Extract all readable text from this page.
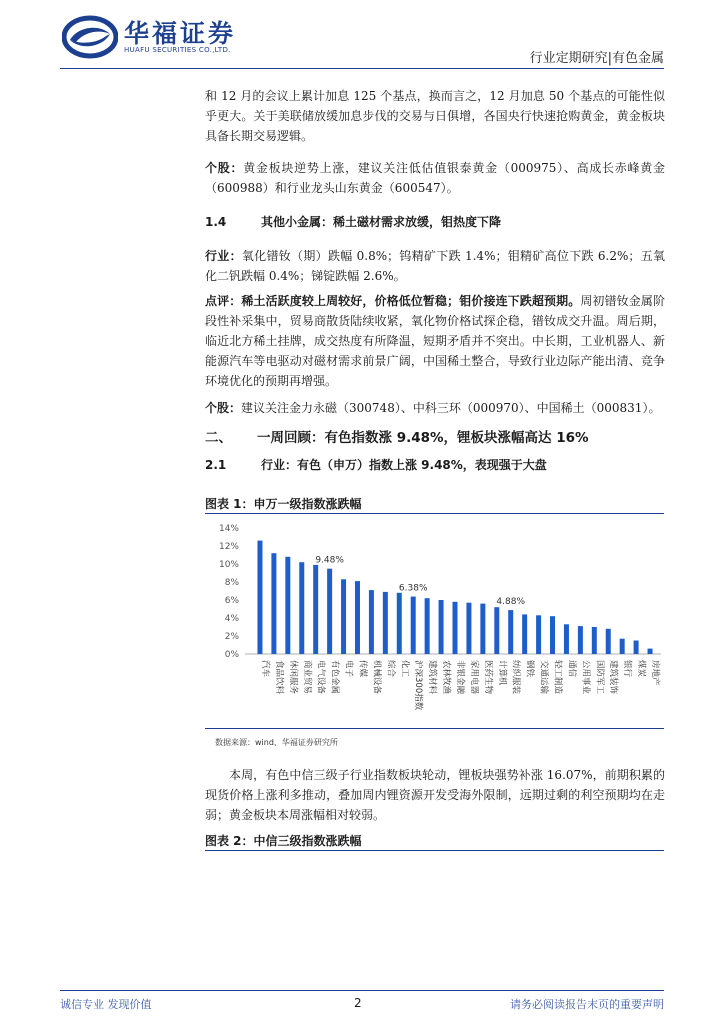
华福证券
HUAFU SECURITIES CO.,LTD.
行业定期研究|有色金属
和 12 月的会议上累计加息 125 个基点，换而言之，12 月加息 50 个基点的可能性似乎更大。关于美联储放缓加息步伐的交易与日俱增，各国央行快速抢购黄金，黄金板块具备长期交易逻辑。
个股：黄金板块逆势上涨，建议关注低估值银泰黄金（000975）、高成长赤峰黄金（600988）和行业龙头山东黄金（600547）。
1.4	其他小金属：稀土磁材需求放缓，钼热度下降
行业：氧化镨钕（期）跌幅 0.8%；钨精矿下跌 1.4%；钼精矿高位下跌 6.2%；五氧化二钒跌幅 0.4%；锑锭跌幅 2.6%。
点评：稀土活跃度较上周较好，价格低位暂稳；钼价接连下跌超预期。周初镨钕金属阶段性补采集中，贸易商散货陆续收紧，氧化物价格试探企稳，镨钕成交升温。周后期，临近北方稀土挂牌，成交热度有所降温，短期矛盾并不突出。中长期，工业机器人、新能源汽车等电驱动对磁材需求前景广阔，中国稀土整合，导致行业边际产能出清、竞争环境优化的预期再增强。
个股：建议关注金力永磁（300748）、中科三环（000970）、中国稀土（000831）。
二、 一周回顾：有色指数涨 9.48%，锂板块涨幅高达 16%
2.1	行业：有色（申万）指数上涨 9.48%，表现强于大盘
图表 1：申万一级指数涨跌幅
0%
2%
4%
6%
8%
10%
12%
14%
9.48%
6.38%
4.88%
汽车 食品饮料 休闲服务 商业贸易 电气设备 有色金属 电子 传媒 机械设备 综合 化工 沪深300指数 建筑材料 农林牧渔 非银金融 家用电器 医药生物 计算机 纺织服装 钢铁 交通运输 轻工制造 通信 公用事业 国防军工 建筑装饰 银行 煤炭 房地产
数据来源：wind、华福证券研究所
本周，有色中信三级子行业指数板块轮动，锂板块强势补涨 16.07%，前期积累的现货价格上涨利多推动，叠加周内锂资源开发受海外限制，远期过剩的利空预期均在走弱；黄金板块本周涨幅相对较弱。
图表 2：中信三级指数涨跌幅
诚信专业 发现价值	2	请务必阅读报告末页的重要声明
